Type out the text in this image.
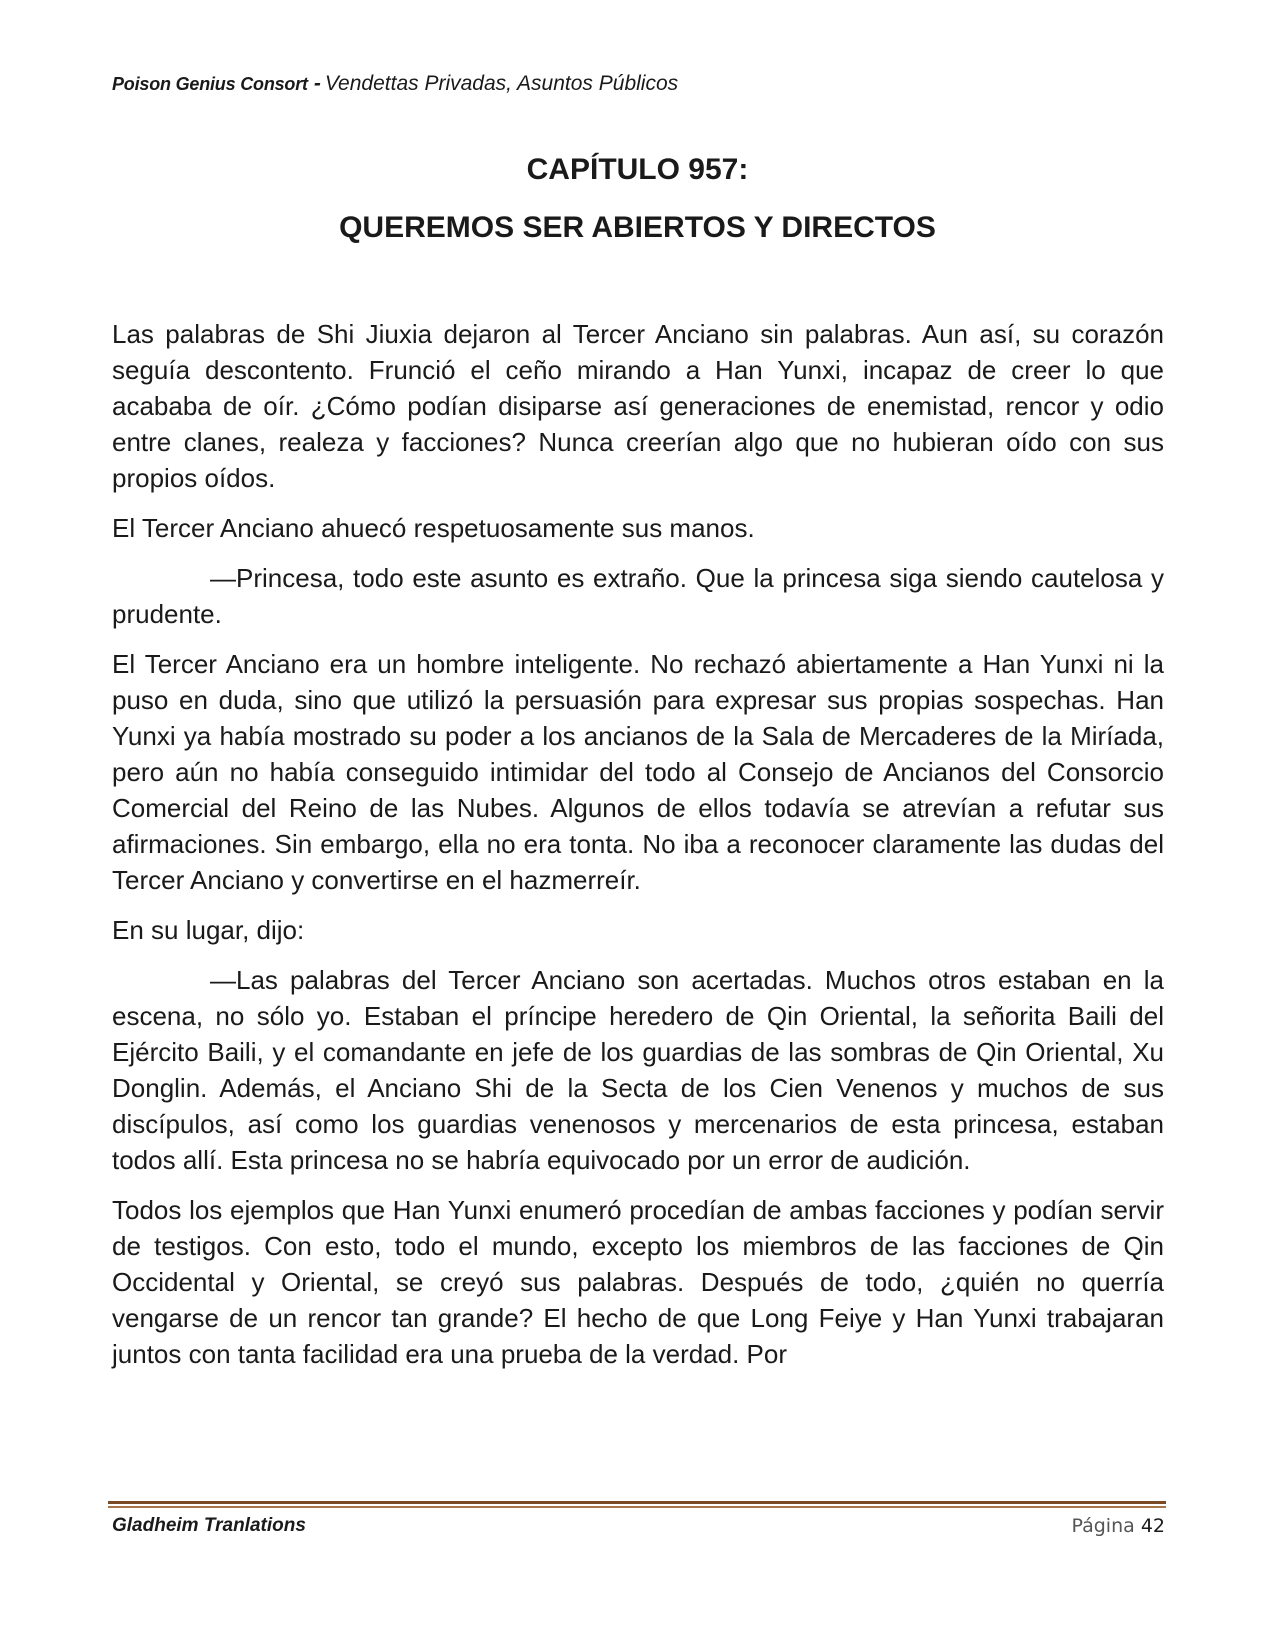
Poison Genius Consort - Vendettas Privadas, Asuntos Públicos
CAPÍTULO 957:
QUEREMOS SER ABIERTOS Y DIRECTOS

Las palabras de Shi Jiuxia dejaron al Tercer Anciano sin palabras. Aun así, su corazón seguía descontento. Frunció el ceño mirando a Han Yunxi, incapaz de creer lo que acababa de oír. ¿Cómo podían disiparse así generaciones de enemistad, rencor y odio entre clanes, realeza y facciones? Nunca creerían algo que no hubieran oído con sus propios oídos.

El Tercer Anciano ahuecó respetuosamente sus manos.

—Princesa, todo este asunto es extraño. Que la princesa siga siendo cautelosa y prudente.

El Tercer Anciano era un hombre inteligente. No rechazó abiertamente a Han Yunxi ni la puso en duda, sino que utilizó la persuasión para expresar sus propias sospechas. Han Yunxi ya había mostrado su poder a los ancianos de la Sala de Mercaderes de la Miríada, pero aún no había conseguido intimidar del todo al Consejo de Ancianos del Consorcio Comercial del Reino de las Nubes. Algunos de ellos todavía se atrevían a refutar sus afirmaciones. Sin embargo, ella no era tonta. No iba a reconocer claramente las dudas del Tercer Anciano y convertirse en el hazmerreír.

En su lugar, dijo:

—Las palabras del Tercer Anciano son acertadas. Muchos otros estaban en la escena, no sólo yo. Estaban el príncipe heredero de Qin Oriental, la señorita Baili del Ejército Baili, y el comandante en jefe de los guardias de las sombras de Qin Oriental, Xu Donglin. Además, el Anciano Shi de la Secta de los Cien Venenos y muchos de sus discípulos, así como los guardias venenosos y mercenarios de esta princesa, estaban todos allí. Esta princesa no se habría equivocado por un error de audición.

Todos los ejemplos que Han Yunxi enumeró procedían de ambas facciones y podían servir de testigos. Con esto, todo el mundo, excepto los miembros de las facciones de Qin Occidental y Oriental, se creyó sus palabras. Después de todo, ¿quién no querría vengarse de un rencor tan grande? El hecho de que Long Feiye y Han Yunxi trabajaran juntos con tanta facilidad era una prueba de la verdad. Por

Gladheim Tranlations	Página 42
